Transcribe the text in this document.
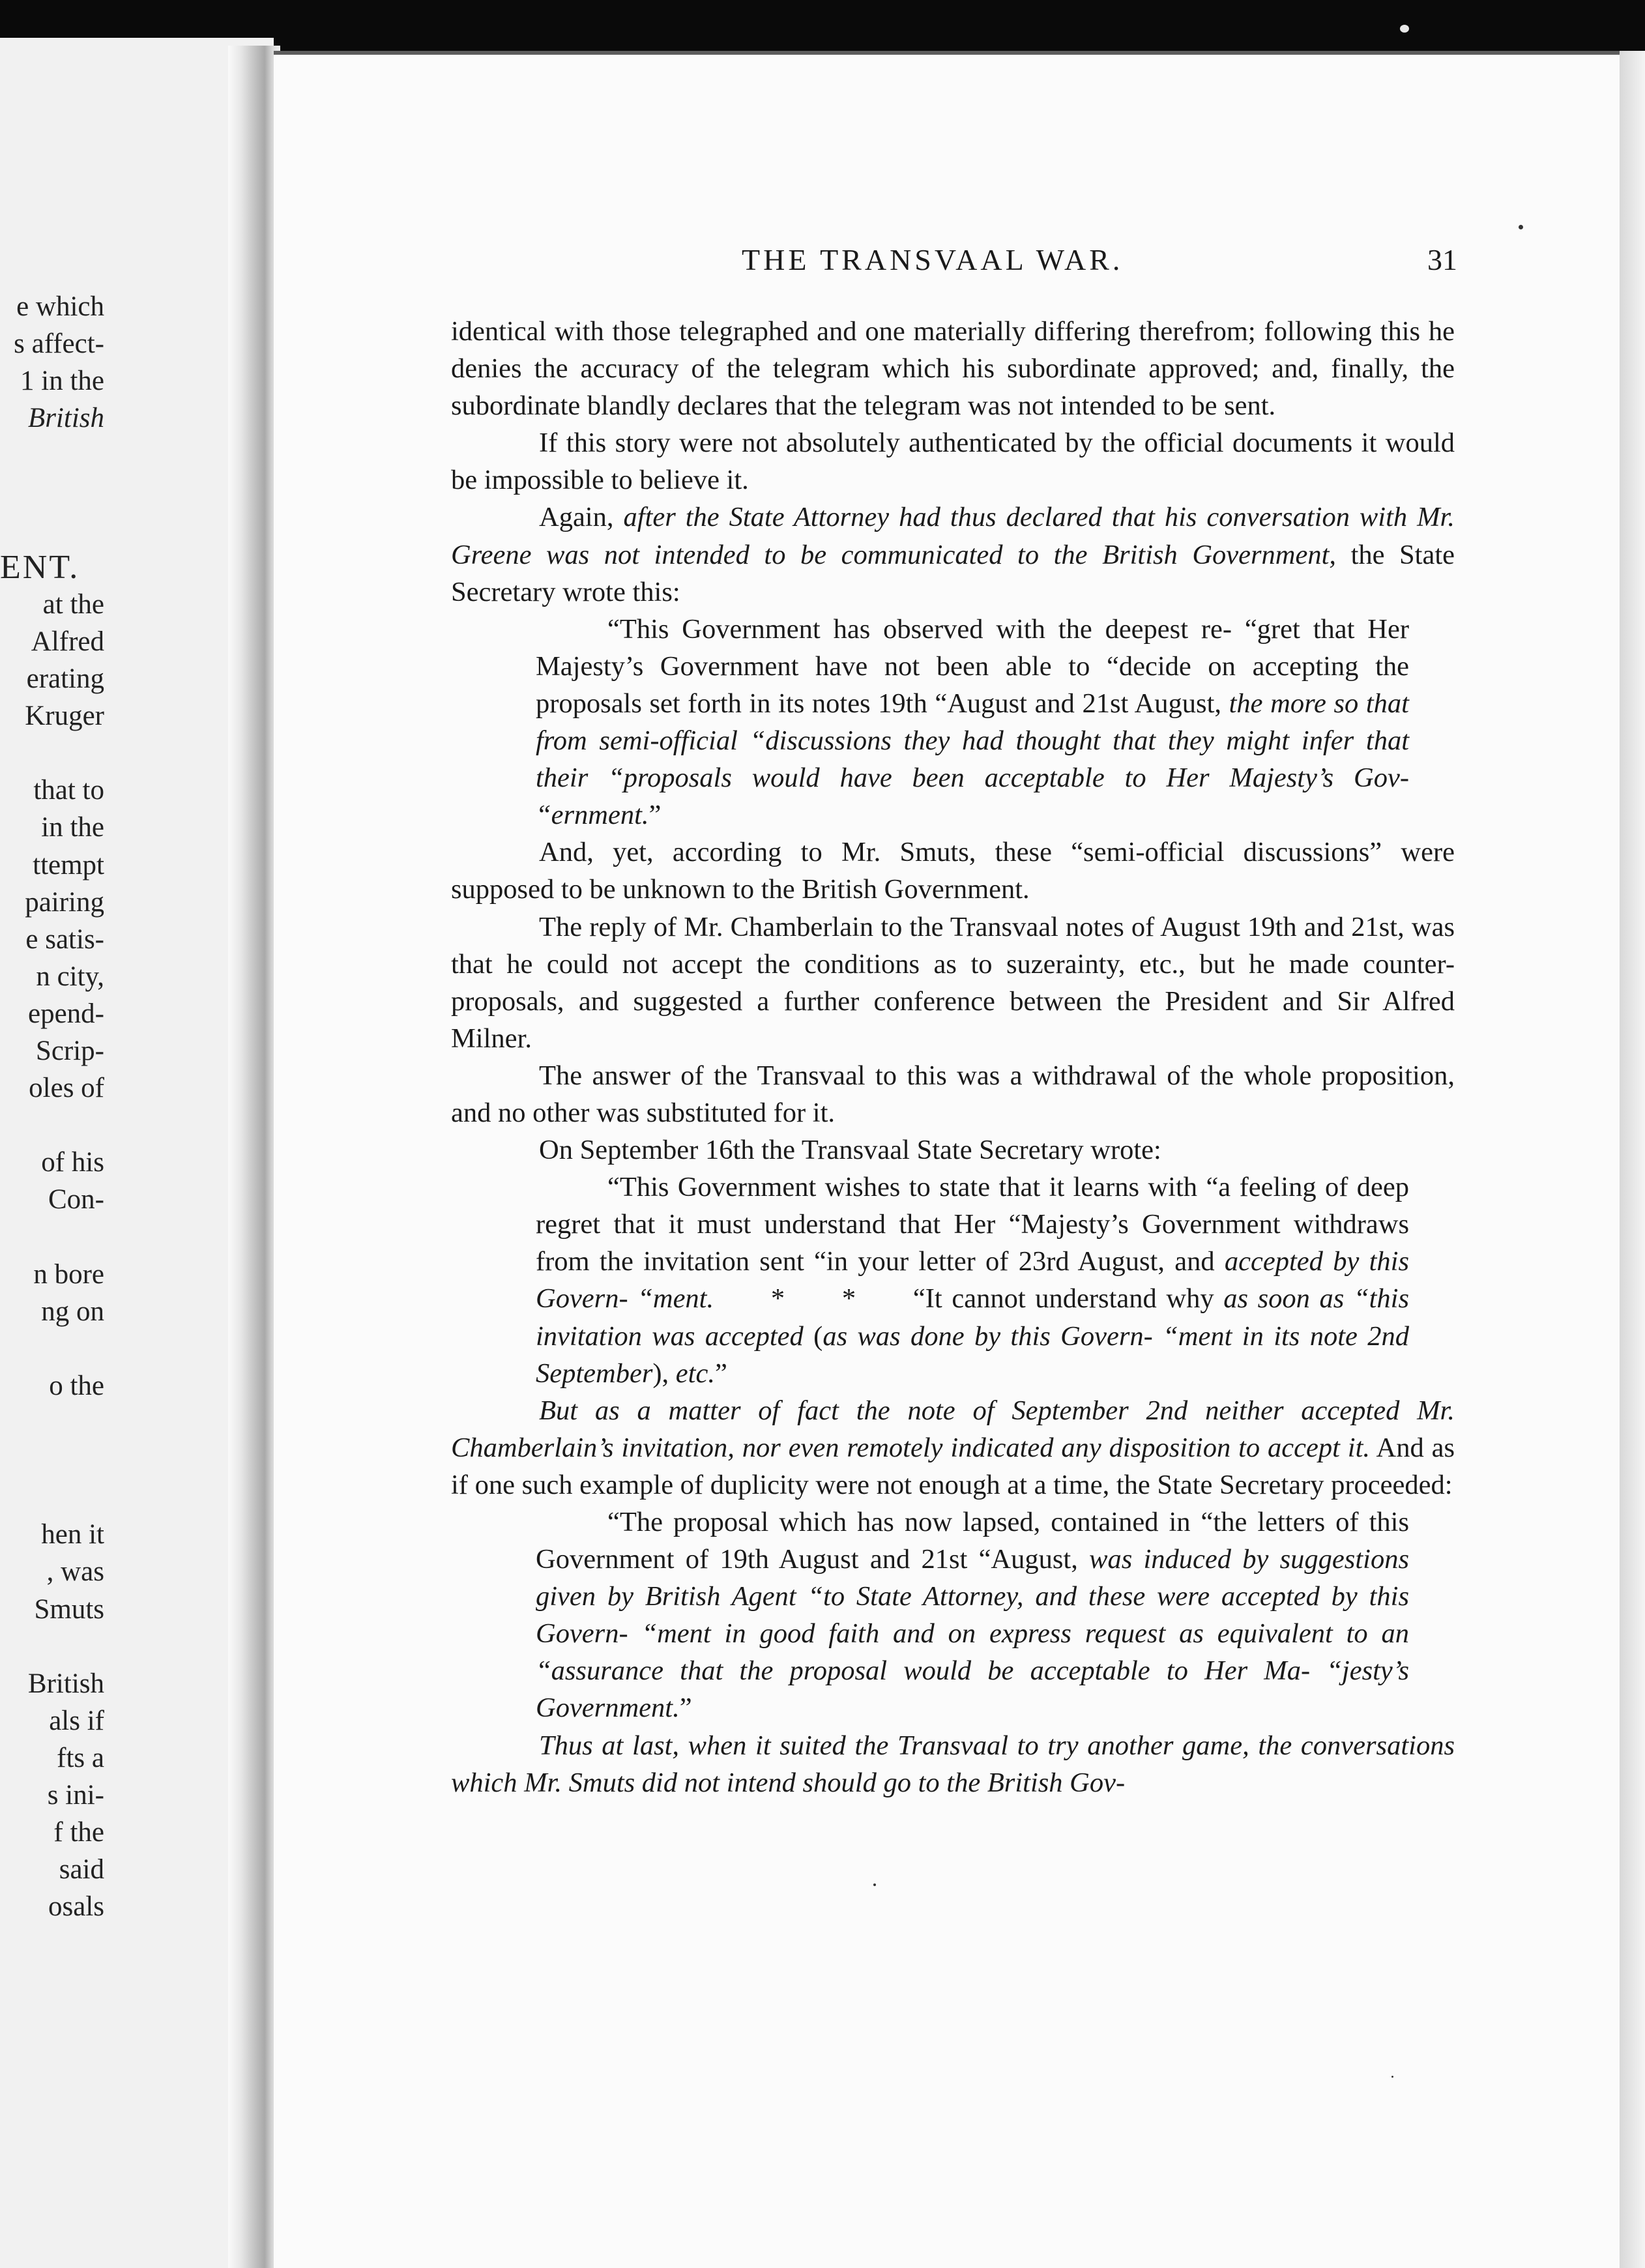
e which
s affect-
1 in the
British
ENT.
at the
Alfred
erating
Kruger
that to
in the
ttempt
pairing
e satis-
n city,
epend-
Scrip-
oles of
of his
Con-
n bore
ng on
o the
hen it
, was
Smuts
British
als if
fts a
s ini-
f the
said
osals
THE TRANSVAAL WAR.	31

identical with those telegraphed and one materially differing therefrom; following this he denies the accuracy of the telegram which his subordinate approved; and, finally, the subordinate blandly declares that the telegram was not intended to be sent.

If this story were not absolutely authenticated by the official documents it would be impossible to believe it.

Again, after the State Attorney had thus declared that his conversation with Mr. Greene was not intended to be communicated to the British Government, the State Secretary wrote this:

“This Government has observed with the deepest re- “gret that Her Majesty’s Government have not been able to “decide on accepting the proposals set forth in its notes 19th “August and 21st August, the more so that from semi-official “discussions they had thought that they might infer that their “proposals would have been acceptable to Her Majesty’s Gov- “ernment.”

And, yet, according to Mr. Smuts, these “semi-official discussions” were supposed to be unknown to the British Government.

The reply of Mr. Chamberlain to the Transvaal notes of August 19th and 21st, was that he could not accept the conditions as to suzerainty, etc., but he made counter-proposals, and suggested a further conference between the President and Sir Alfred Milner.

The answer of the Transvaal to this was a withdrawal of the whole proposition, and no other was substituted for it.

On September 16th the Transvaal State Secretary wrote:

“This Government wishes to state that it learns with “a feeling of deep regret that it must understand that Her “Majesty’s Government withdraws from the invitation sent “in your letter of 23rd August, and accepted by this Govern- “ment.      *      *      “It cannot understand why as soon as “this invitation was accepted (as was done by this Govern- “ment in its note 2nd September), etc.”

But as a matter of fact the note of September 2nd neither accepted Mr. Chamberlain’s invitation, nor even remotely indicated any disposition to accept it. And as if one such example of duplicity were not enough at a time, the State Secretary proceeded:

“The proposal which has now lapsed, contained in “the letters of this Government of 19th August and 21st “August, was induced by suggestions given by British Agent “to State Attorney, and these were accepted by this Govern- “ment in good faith and on express request as equivalent to an “assurance that the proposal would be acceptable to Her Ma- “jesty’s Government.”

Thus at last, when it suited the Transvaal to try another game, the conversations which Mr. Smuts did not intend should go to the British Gov-
